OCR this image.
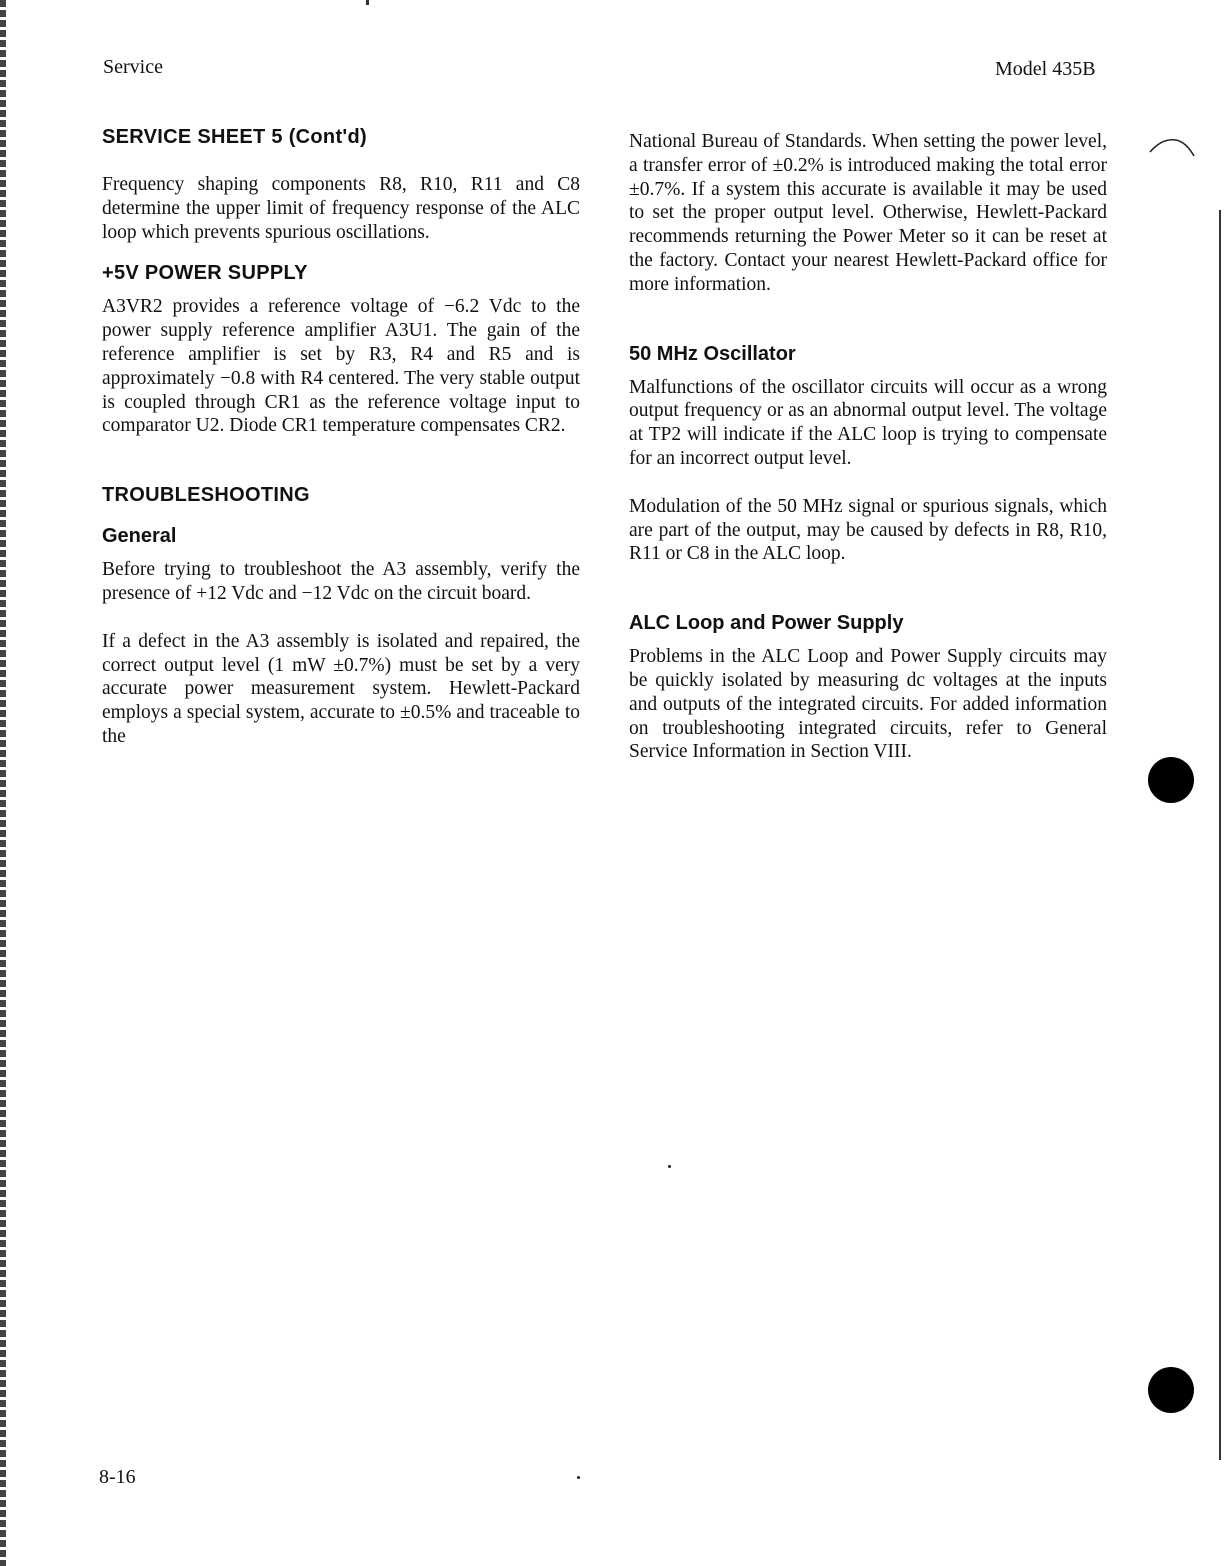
Service	Model 435B
SERVICE SHEET 5 (Cont'd)

Frequency shaping components R8, R10, R11 and C8 determine the upper limit of frequency response of the ALC loop which prevents spurious oscillations.

+5V POWER SUPPLY

A3VR2 provides a reference voltage of −6.2 Vdc to the power supply reference amplifier A3U1. The gain of the reference amplifier is set by R3, R4 and R5 and is approximately −0.8 with R4 centered. The very stable output is coupled through CR1 as the reference voltage input to comparator U2. Diode CR1 temperature compensates CR2.

TROUBLESHOOTING
General

Before trying to troubleshoot the A3 assembly, verify the presence of +12 Vdc and −12 Vdc on the circuit board.

If a defect in the A3 assembly is isolated and repaired, the correct output level (1 mW ±0.7%) must be set by a very accurate power measurement system. Hewlett-Packard employs a special system, accurate to ±0.5% and traceable to the

National Bureau of Standards. When setting the power level, a transfer error of ±0.2% is introduced making the total error ±0.7%. If a system this accurate is available it may be used to set the proper output level. Otherwise, Hewlett-Packard recommends returning the Power Meter so it can be reset at the factory. Contact your nearest Hewlett-Packard office for more information.

50 MHz Oscillator

Malfunctions of the oscillator circuits will occur as a wrong output frequency or as an abnormal output level. The voltage at TP2 will indicate if the ALC loop is trying to compensate for an incorrect output level.

Modulation of the 50 MHz signal or spurious signals, which are part of the output, may be caused by defects in R8, R10, R11 or C8 in the ALC loop.

ALC Loop and Power Supply

Problems in the ALC Loop and Power Supply circuits may be quickly isolated by measuring dc voltages at the inputs and outputs of the integrated circuits. For added information on troubleshooting integrated circuits, refer to General Service Information in Section VIII.

8-16
